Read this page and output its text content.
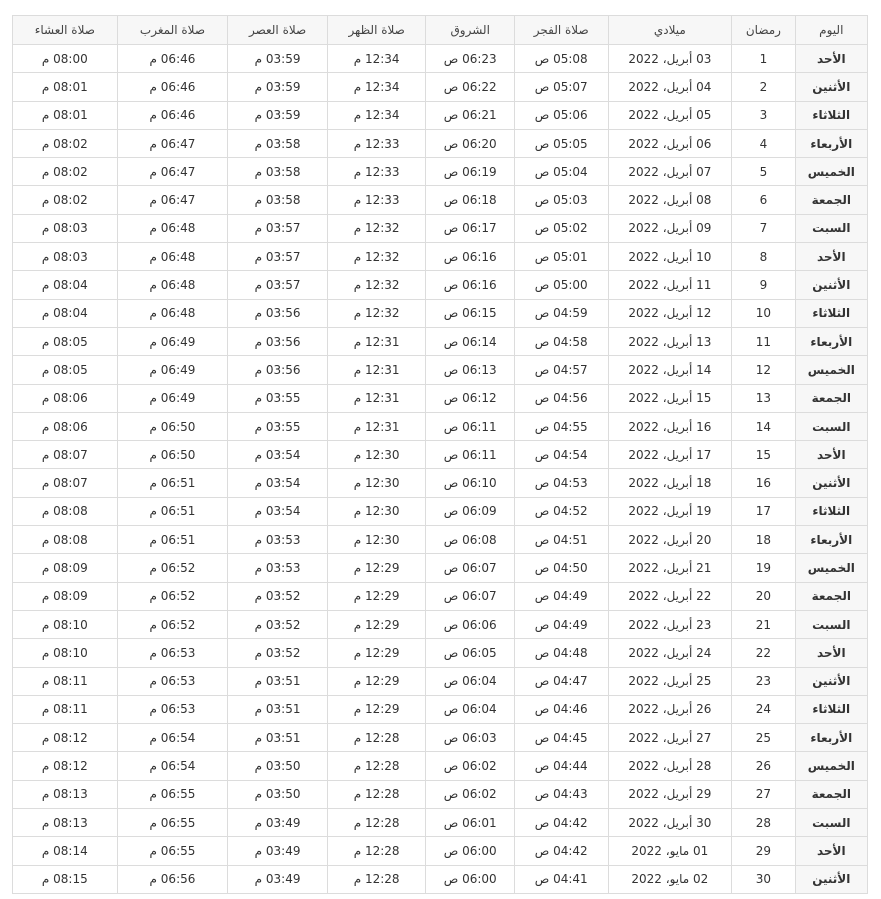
اليوم	رمضان	ميلادي	صلاة الفجر	الشروق	صلاة الظهر	صلاة العصر	صلاة المغرب	صلاة العشاء
الأحد	1	03 أبريل، 2022	05:08 ص	06:23 ص	12:34 م	03:59 م	06:46 م	08:00 م
الأثنين	2	04 أبريل، 2022	05:07 ص	06:22 ص	12:34 م	03:59 م	06:46 م	08:01 م
الثلاثاء	3	05 أبريل، 2022	05:06 ص	06:21 ص	12:34 م	03:59 م	06:46 م	08:01 م
الأربعاء	4	06 أبريل، 2022	05:05 ص	06:20 ص	12:33 م	03:58 م	06:47 م	08:02 م
الخميس	5	07 أبريل، 2022	05:04 ص	06:19 ص	12:33 م	03:58 م	06:47 م	08:02 م
الجمعة	6	08 أبريل، 2022	05:03 ص	06:18 ص	12:33 م	03:58 م	06:47 م	08:02 م
السبت	7	09 أبريل، 2022	05:02 ص	06:17 ص	12:32 م	03:57 م	06:48 م	08:03 م
الأحد	8	10 أبريل، 2022	05:01 ص	06:16 ص	12:32 م	03:57 م	06:48 م	08:03 م
الأثنين	9	11 أبريل، 2022	05:00 ص	06:16 ص	12:32 م	03:57 م	06:48 م	08:04 م
الثلاثاء	10	12 أبريل، 2022	04:59 ص	06:15 ص	12:32 م	03:56 م	06:48 م	08:04 م
الأربعاء	11	13 أبريل، 2022	04:58 ص	06:14 ص	12:31 م	03:56 م	06:49 م	08:05 م
الخميس	12	14 أبريل، 2022	04:57 ص	06:13 ص	12:31 م	03:56 م	06:49 م	08:05 م
الجمعة	13	15 أبريل، 2022	04:56 ص	06:12 ص	12:31 م	03:55 م	06:49 م	08:06 م
السبت	14	16 أبريل، 2022	04:55 ص	06:11 ص	12:31 م	03:55 م	06:50 م	08:06 م
الأحد	15	17 أبريل، 2022	04:54 ص	06:11 ص	12:30 م	03:54 م	06:50 م	08:07 م
الأثنين	16	18 أبريل، 2022	04:53 ص	06:10 ص	12:30 م	03:54 م	06:51 م	08:07 م
الثلاثاء	17	19 أبريل، 2022	04:52 ص	06:09 ص	12:30 م	03:54 م	06:51 م	08:08 م
الأربعاء	18	20 أبريل، 2022	04:51 ص	06:08 ص	12:30 م	03:53 م	06:51 م	08:08 م
الخميس	19	21 أبريل، 2022	04:50 ص	06:07 ص	12:29 م	03:53 م	06:52 م	08:09 م
الجمعة	20	22 أبريل، 2022	04:49 ص	06:07 ص	12:29 م	03:52 م	06:52 م	08:09 م
السبت	21	23 أبريل، 2022	04:49 ص	06:06 ص	12:29 م	03:52 م	06:52 م	08:10 م
الأحد	22	24 أبريل، 2022	04:48 ص	06:05 ص	12:29 م	03:52 م	06:53 م	08:10 م
الأثنين	23	25 أبريل، 2022	04:47 ص	06:04 ص	12:29 م	03:51 م	06:53 م	08:11 م
الثلاثاء	24	26 أبريل، 2022	04:46 ص	06:04 ص	12:29 م	03:51 م	06:53 م	08:11 م
الأربعاء	25	27 أبريل، 2022	04:45 ص	06:03 ص	12:28 م	03:51 م	06:54 م	08:12 م
الخميس	26	28 أبريل، 2022	04:44 ص	06:02 ص	12:28 م	03:50 م	06:54 م	08:12 م
الجمعة	27	29 أبريل، 2022	04:43 ص	06:02 ص	12:28 م	03:50 م	06:55 م	08:13 م
السبت	28	30 أبريل، 2022	04:42 ص	06:01 ص	12:28 م	03:49 م	06:55 م	08:13 م
الأحد	29	01 مايو، 2022	04:42 ص	06:00 ص	12:28 م	03:49 م	06:55 م	08:14 م
الأثنين	30	02 مايو، 2022	04:41 ص	06:00 ص	12:28 م	03:49 م	06:56 م	08:15 م
